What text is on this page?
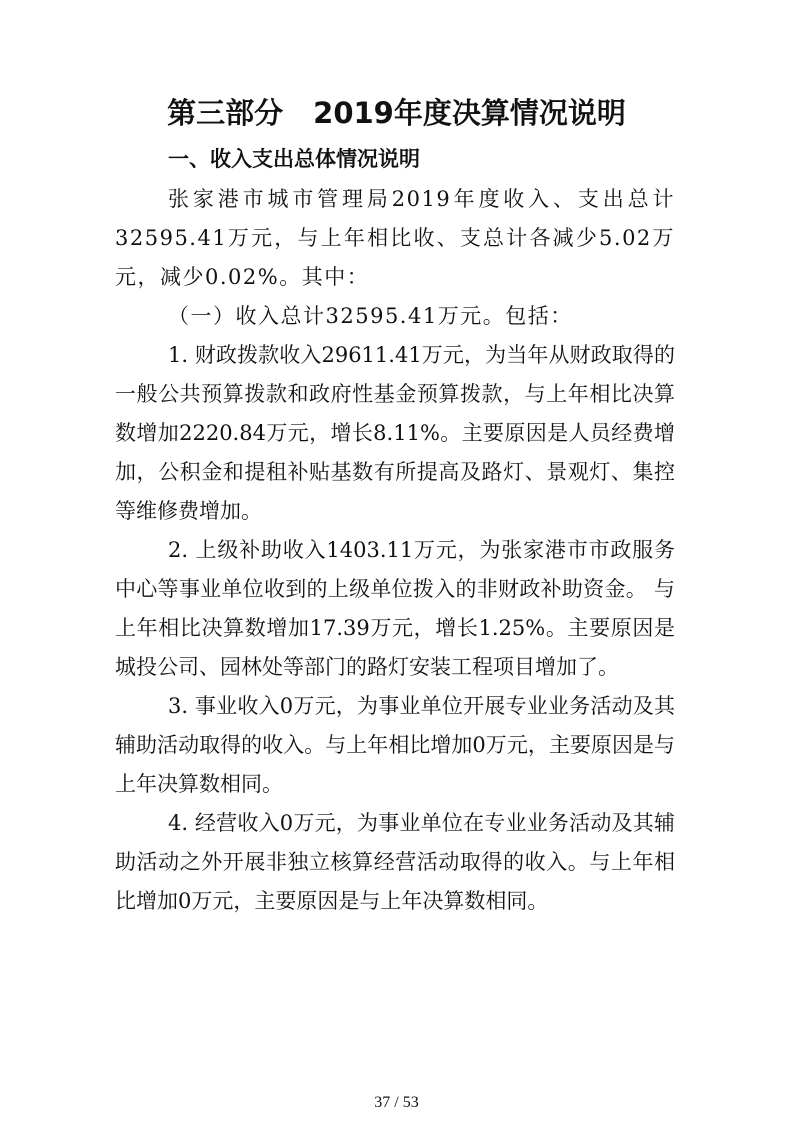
第三部分 2019年度决算情况说明
一、收入支出总体情况说明

张家港市城市管理局2019年度收入、支出总计32595.41万元，与上年相比收、支总计各减少5.02万元，减少0.02%。其中：

（一）收入总计32595.41万元。包括：

1. 财政拨款收入29611.41万元，为当年从财政取得的一般公共预算拨款和政府性基金预算拨款，与上年相比决算数增加2220.84万元，增长8.11%。主要原因是人员经费增加，公积金和提租补贴基数有所提高及路灯、景观灯、集控等维修费增加。

2. 上级补助收入1403.11万元，为张家港市市政服务中心等事业单位收到的上级单位拨入的非财政补助资金。 与上年相比决算数增加17.39万元，增长1.25%。主要原因是城投公司、园林处等部门的路灯安装工程项目增加了。

3. 事业收入0万元，为事业单位开展专业业务活动及其辅助活动取得的收入。与上年相比增加0万元，主要原因是与上年决算数相同。

4. 经营收入0万元，为事业单位在专业业务活动及其辅助活动之外开展非独立核算经营活动取得的收入。与上年相比增加0万元，主要原因是与上年决算数相同。

37 / 53
